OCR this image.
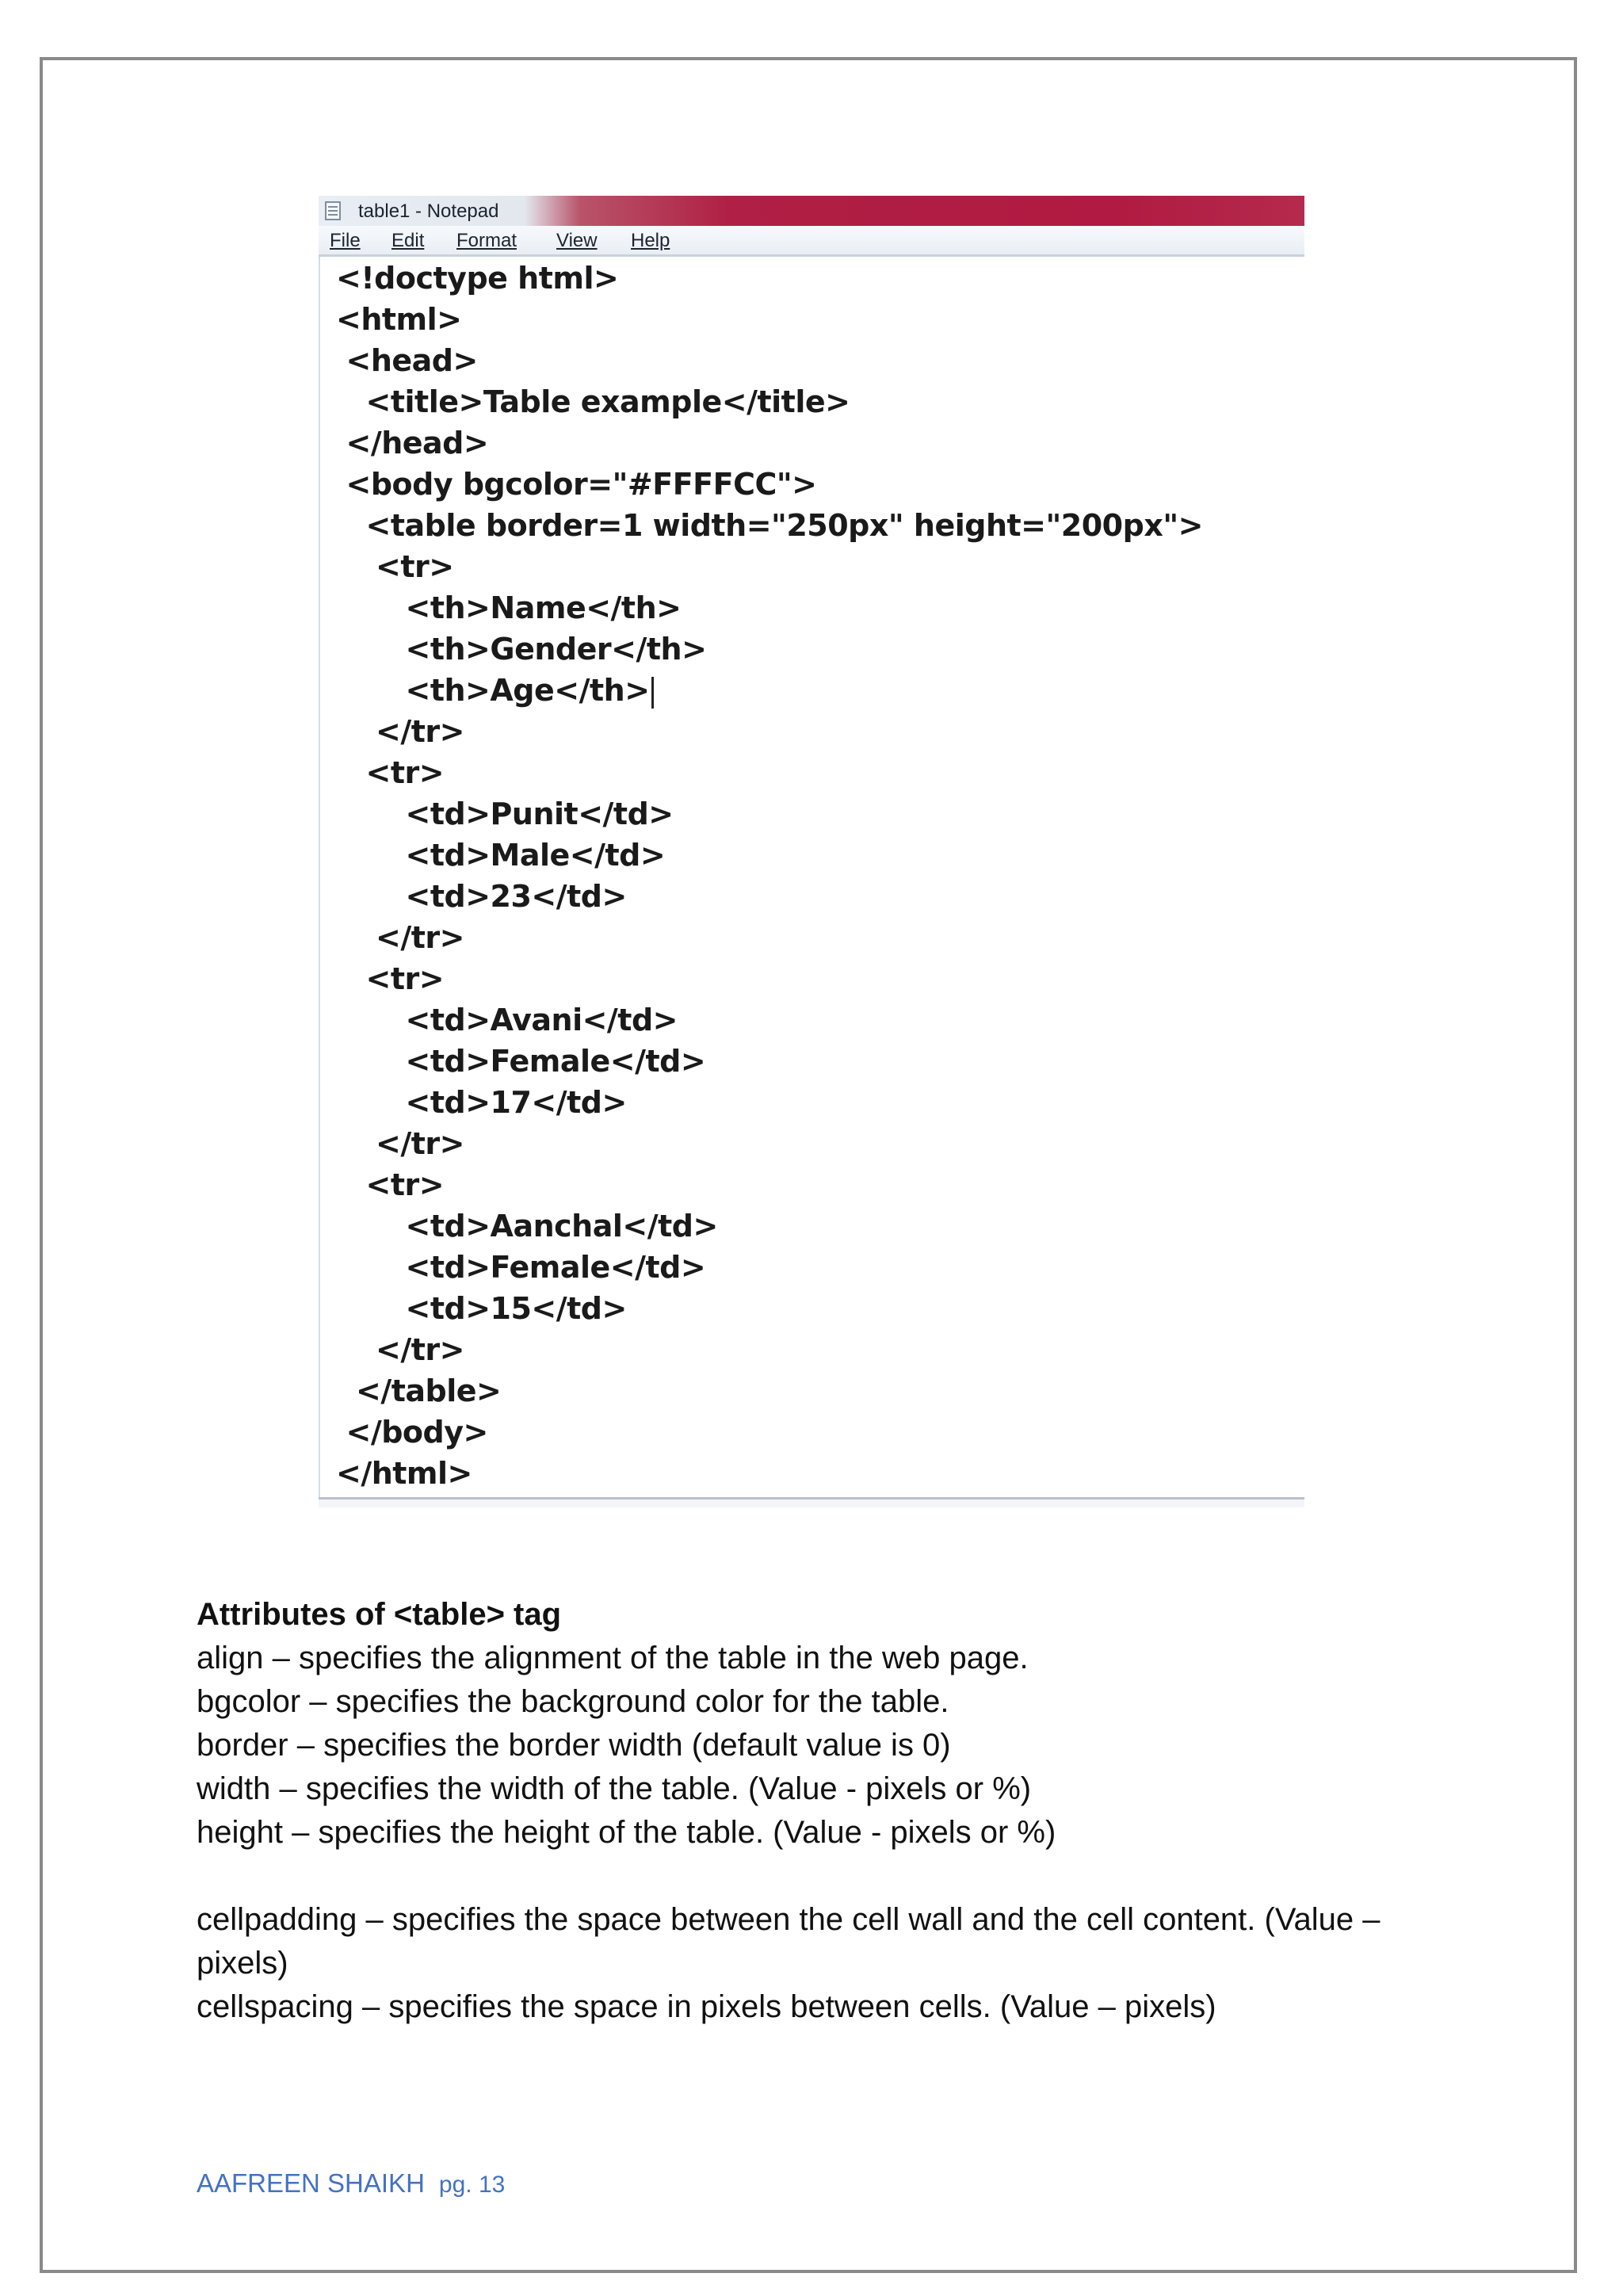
table1 - Notepad
File Edit Format View Help
<!doctype html>
<html>
<head>
<title>Table example</title>
</head>
<body bgcolor="#FFFFCC">
<table border=1 width="250px" height="200px">
<tr>
<th>Name</th>
<th>Gender</th>
<th>Age</th>
</tr>
<tr>
<td>Punit</td>
<td>Male</td>
<td>23</td>
</tr>
<tr>
<td>Avani</td>
<td>Female</td>
<td>17</td>
</tr>
<tr>
<td>Aanchal</td>
<td>Female</td>
<td>15</td>
</tr>
</table>
</body>
</html>
Attributes of <table> tag
align – specifies the alignment of the table in the web page.
bgcolor – specifies the background color for the table.
border – specifies the border width (default value is 0)
width – specifies the width of the table. (Value - pixels or %)
height – specifies the height of the table. (Value - pixels or %)
cellpadding – specifies the space between the cell wall and the cell content. (Value – pixels)
cellspacing – specifies the space in pixels between cells. (Value – pixels)
AAFREEN SHAIKH pg. 13
